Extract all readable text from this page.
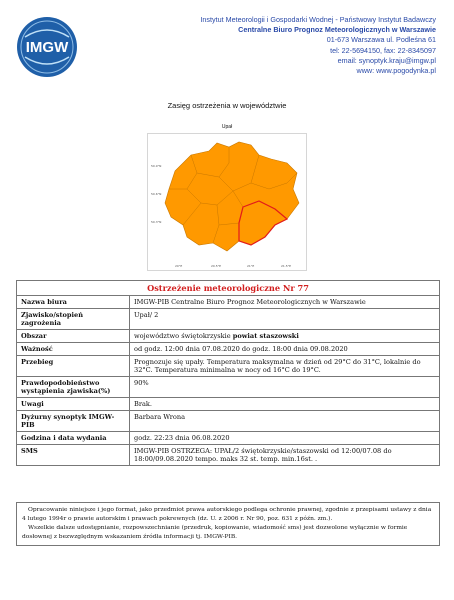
IMGW
Instytut Meteorologii i Gospodarki Wodnej - Państwowy Instytut Badawczy
Centralne Biuro Prognoz Meteorologicznych w Warszawie
01-673 Warszawa ul. Podleśna 61
tel: 22-5694150, fax: 22-8345097
email: synoptyk.kraju@imgw.pl
www: www.pogodynka.pl
Zasięg ostrzeżenia w województwie
Upał
50.9°N
50.6°N
50.3°N
20°E	20.5°E	21°E	21.5°E
Ostrzeżenie meteorologiczne Nr 77	
Nazwa biura	IMGW-PIB Centralne Biuro Prognoz Meteorologicznych w Warszawie
Zjawisko/stopień zagrożenia	Upał/ 2
Obszar	województwo świętokrzyskie powiat staszowski
Ważność	od godz. 12:00 dnia 07.08.2020 do godz. 18:00 dnia 09.08.2020
Przebieg	Prognozuje się upały. Temperatura maksymalna w dzień od 29°C do 31°C, lokalnie do 32°C. Temperatura minimalna w nocy od 16°C do 19°C.
Prawdopodobieństwo wystąpienia zjawiska(%)	90%
Uwagi	Brak.
Dyżurny synoptyk IMGW-PIB	Barbara Wrona
Godzina i data wydania	godz. 22:23 dnia 06.08.2020
SMS	IMGW-PIB OSTRZEGA: UPAŁ/2 świętokrzyskie/staszowski od 12:00/07.08 do 18:00/09.08.2020 tempo. maks 32 st. temp. min.16st. .

Opracowanie niniejsze i jego format, jako przedmiot prawa autorskiego podlega ochronie prawnej, zgodnie z przepisami ustawy z dnia 4 lutego 1994r o prawie autorskim i prawach pokrewnych (dz. U. z 2006 r. Nr 90, poz. 631 z późn. zm.).

Wszelkie dalsze udostępnianie, rozpowszechnianie (przedruk, kopiowanie, wiadomość sms) jest dozwolone wyłącznie w formie dosłownej z bezwzględnym wskazaniem źródła informacji tj. IMGW-PIB.
